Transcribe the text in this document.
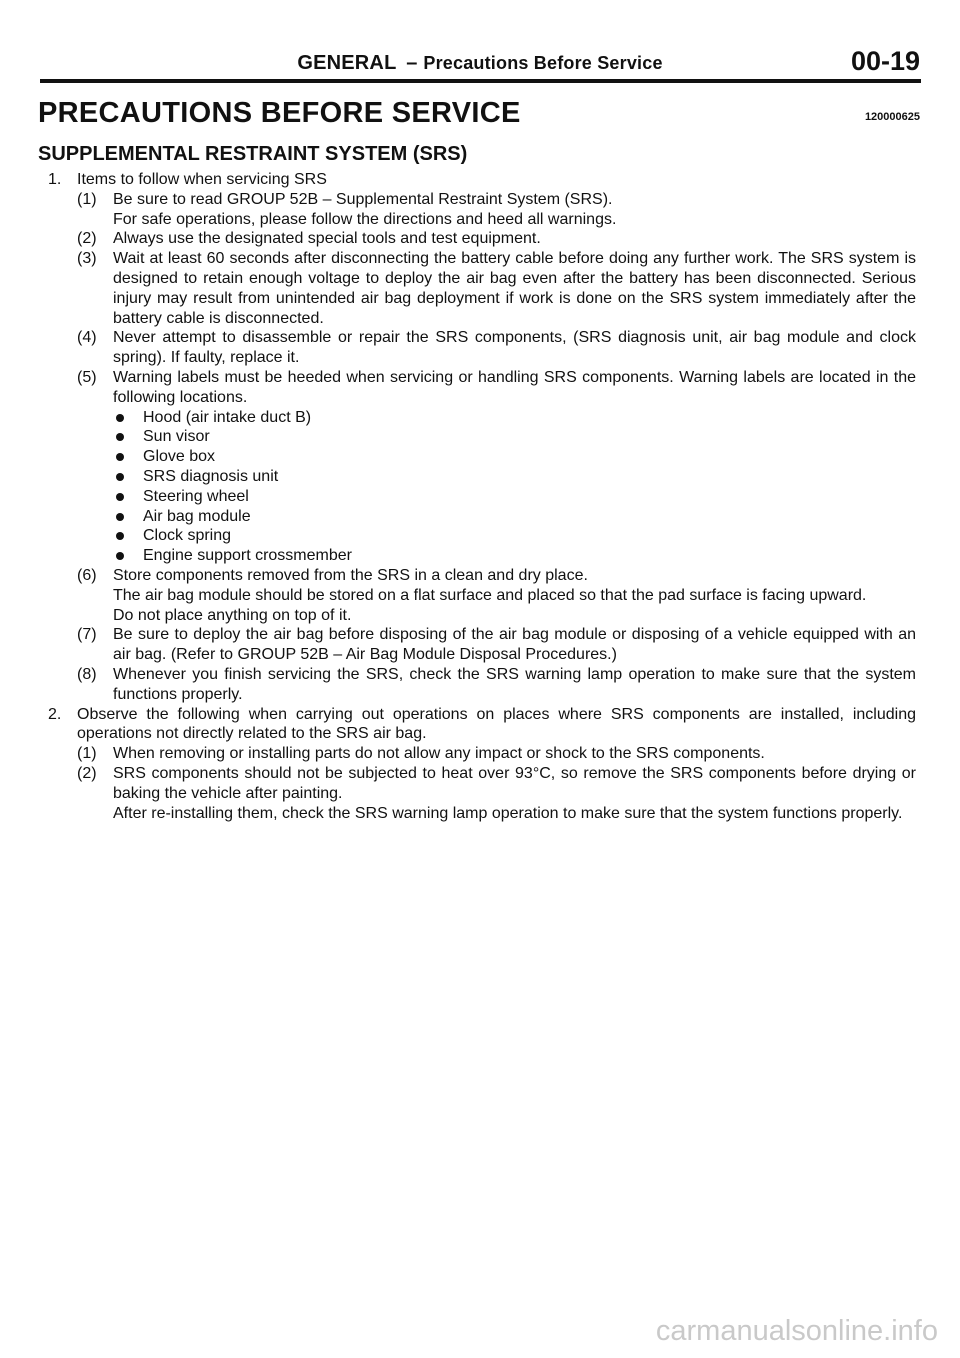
GENERAL – Precautions Before Service	00-19
PRECAUTIONS BEFORE SERVICE	120000625
SUPPLEMENTAL RESTRAINT SYSTEM (SRS)
1. Items to follow when servicing SRS
(1) Be sure to read GROUP 52B – Supplemental Restraint System (SRS).
For safe operations, please follow the directions and heed all warnings.
(2) Always use the designated special tools and test equipment.
(3) Wait at least 60 seconds after disconnecting the battery cable before doing any further work. The SRS system is designed to retain enough voltage to deploy the air bag even after the battery has been disconnected. Serious injury may result from unintended air bag deployment if work is done on the SRS system immediately after the battery cable is disconnected.
(4) Never attempt to disassemble or repair the SRS components, (SRS diagnosis unit, air bag module and clock spring). If faulty, replace it.
(5) Warning labels must be heeded when servicing or handling SRS components. Warning labels are located in the following locations.
Hood (air intake duct B)
Sun visor
Glove box
SRS diagnosis unit
Steering wheel
Air bag module
Clock spring
Engine support crossmember
(6) Store components removed from the SRS in a clean and dry place.
The air bag module should be stored on a flat surface and placed so that the pad surface is facing upward.
Do not place anything on top of it.
(7) Be sure to deploy the air bag before disposing of the air bag module or disposing of a vehicle equipped with an air bag. (Refer to GROUP 52B – Air Bag Module Disposal Procedures.)
(8) Whenever you finish servicing the SRS, check the SRS warning lamp operation to make sure that the system functions properly.
2. Observe the following when carrying out operations on places where SRS components are installed, including operations not directly related to the SRS air bag.
(1) When removing or installing parts do not allow any impact or shock to the SRS components.
(2) SRS components should not be subjected to heat over 93°C, so remove the SRS components before drying or baking the vehicle after painting.
After re-installing them, check the SRS warning lamp operation to make sure that the system functions properly.
carmanualsonline.info
